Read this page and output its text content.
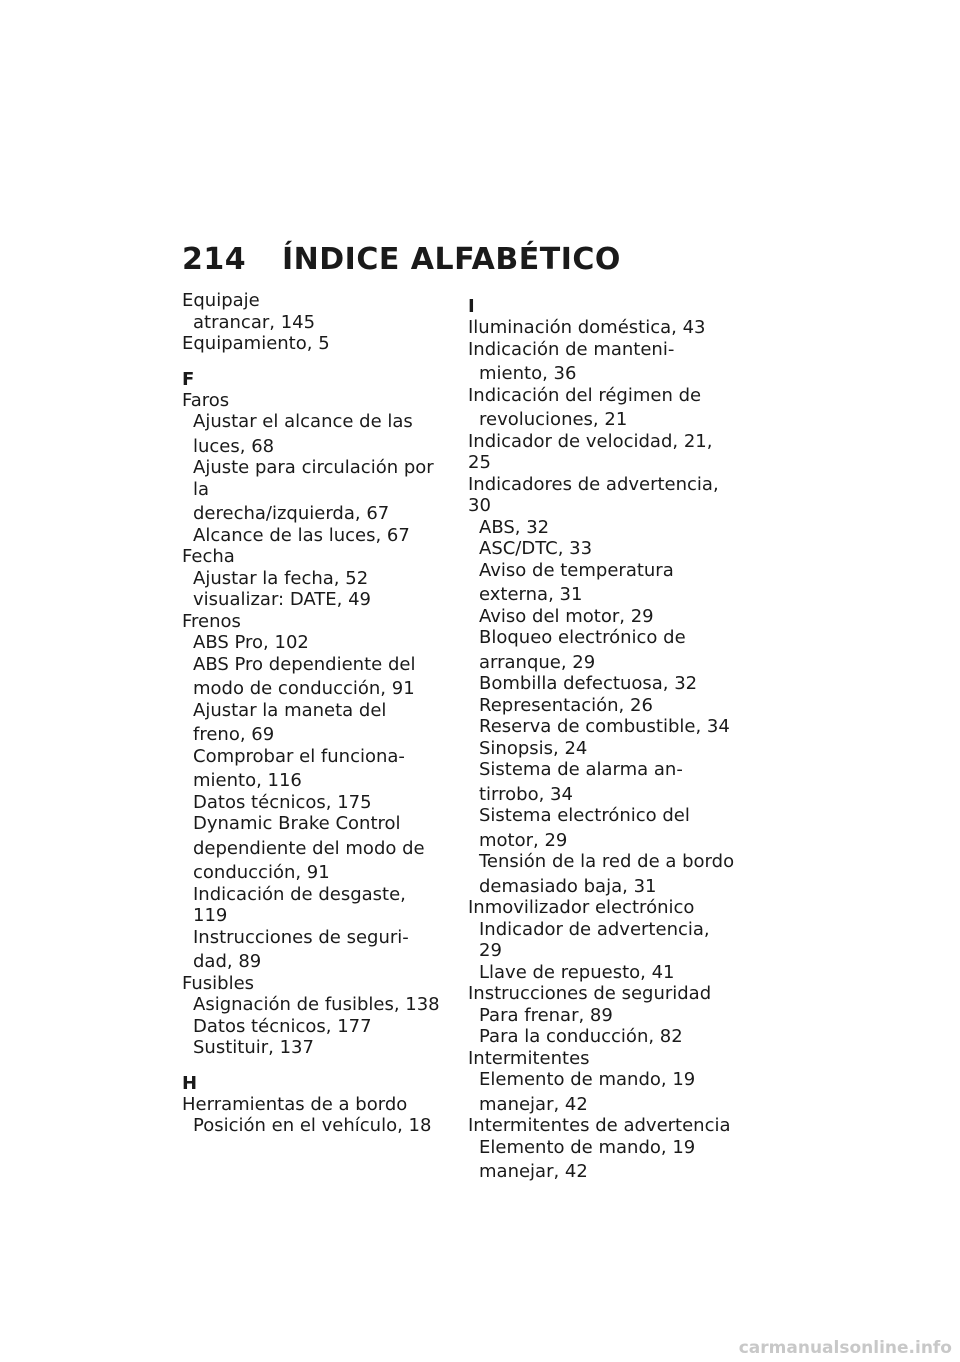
214 ÍNDICE ALFABÉTICO
Equipaje
atrancar, 145
Equipamiento, 5
F
Faros
Ajustar el alcance de las
luces, 68
Ajuste para circulación por la
derecha/izquierda, 67
Alcance de las luces, 67
Fecha
Ajustar la fecha, 52
visualizar: DATE, 49
Frenos
ABS Pro, 102
ABS Pro dependiente del
modo de conducción, 91
Ajustar la maneta del
freno, 69
Comprobar el funciona-
miento, 116
Datos técnicos, 175
Dynamic Brake Control
dependiente del modo de
conducción, 91
Indicación de desgaste, 119
Instrucciones de seguri-
dad, 89
Fusibles
Asignación de fusibles, 138
Datos técnicos, 177
Sustituir, 137
H
Herramientas de a bordo
Posición en el vehículo, 18
I
Iluminación doméstica, 43
Indicación de manteni-
miento, 36
Indicación del régimen de
revoluciones, 21
Indicador de velocidad, 21, 25
Indicadores de advertencia, 30
ABS, 32
ASC/DTC, 33
Aviso de temperatura
externa, 31
Aviso del motor, 29
Bloqueo electrónico de
arranque, 29
Bombilla defectuosa, 32
Representación, 26
Reserva de combustible, 34
Sinopsis, 24
Sistema de alarma an-
tirrobo, 34
Sistema electrónico del
motor, 29
Tensión de la red de a bordo
demasiado baja, 31
Inmovilizador electrónico
Indicador de advertencia, 29
Llave de repuesto, 41
Instrucciones de seguridad
Para frenar, 89
Para la conducción, 82
Intermitentes
Elemento de mando, 19
manejar, 42
Intermitentes de advertencia
Elemento de mando, 19
manejar, 42
carmanualsonline.info
